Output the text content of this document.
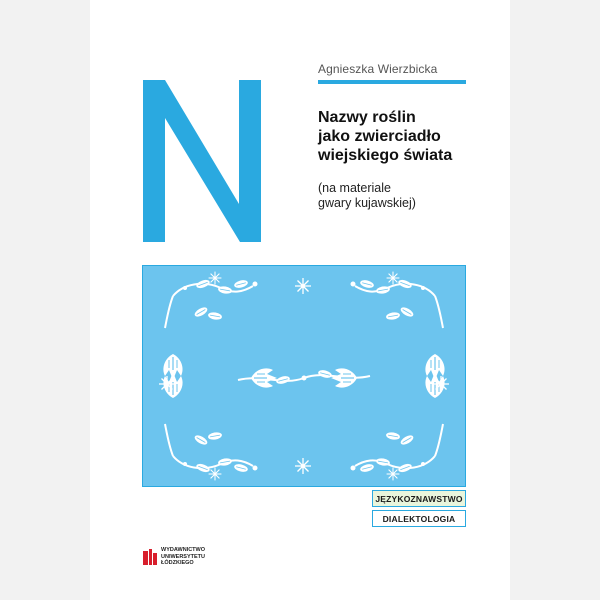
Agnieszka Wierzbicka
Nazwy roślin
jako zwierciadło
wiejskiego świata
(na materiale
gwary kujawskiej)
JĘZYKOZNAWSTWO
DIALEKTOLOGIA
WYDAWNICTWO
UNIWERSYTETU
ŁÓDZKIEGO
